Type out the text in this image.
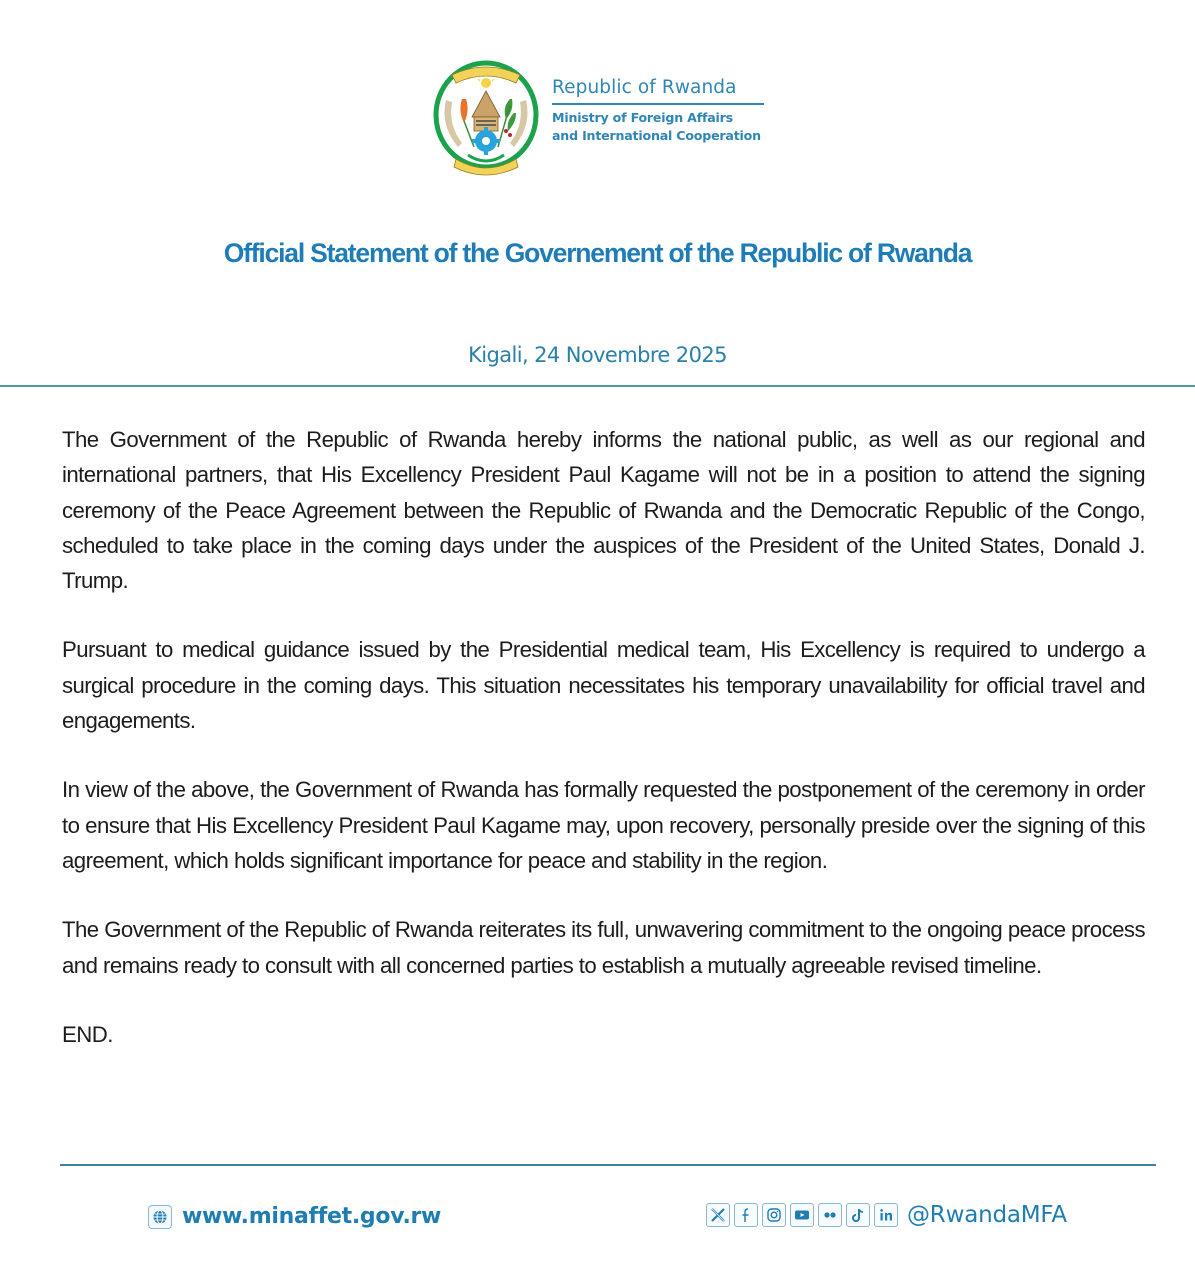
Republic of Rwanda
Ministry of Foreign Affairs
and International Cooperation
Official Statement of the Governement of the Republic of Rwanda
Kigali, 24 Novembre 2025

The Government of the Republic of Rwanda hereby informs the national public, as well as our regional and international partners, that His Excellency President Paul Kagame will not be in a position to attend the signing ceremony of the Peace Agreement between the Republic of Rwanda and the Democratic Republic of the Congo, scheduled to take place in the coming days under the auspices of the President of the United States, Donald J. Trump.

Pursuant to medical guidance issued by the Presidential medical team, His Excellency is required to undergo a surgical procedure in the coming days. This situation necessitates his temporary unavailability for official travel and engagements.

In view of the above, the Government of Rwanda has formally requested the postponement of the ceremony in order to ensure that His Excellency President Paul Kagame may, upon recovery, personally preside over the signing of this agreement, which holds significant importance for peace and stability in the region.

The Government of the Republic of Rwanda reiterates its full, unwavering commitment to the ongoing peace process and remains ready to consult with all concerned parties to establish a mutually agreeable revised timeline.

END.

www.minaffet.gov.rw	@RwandaMFA
